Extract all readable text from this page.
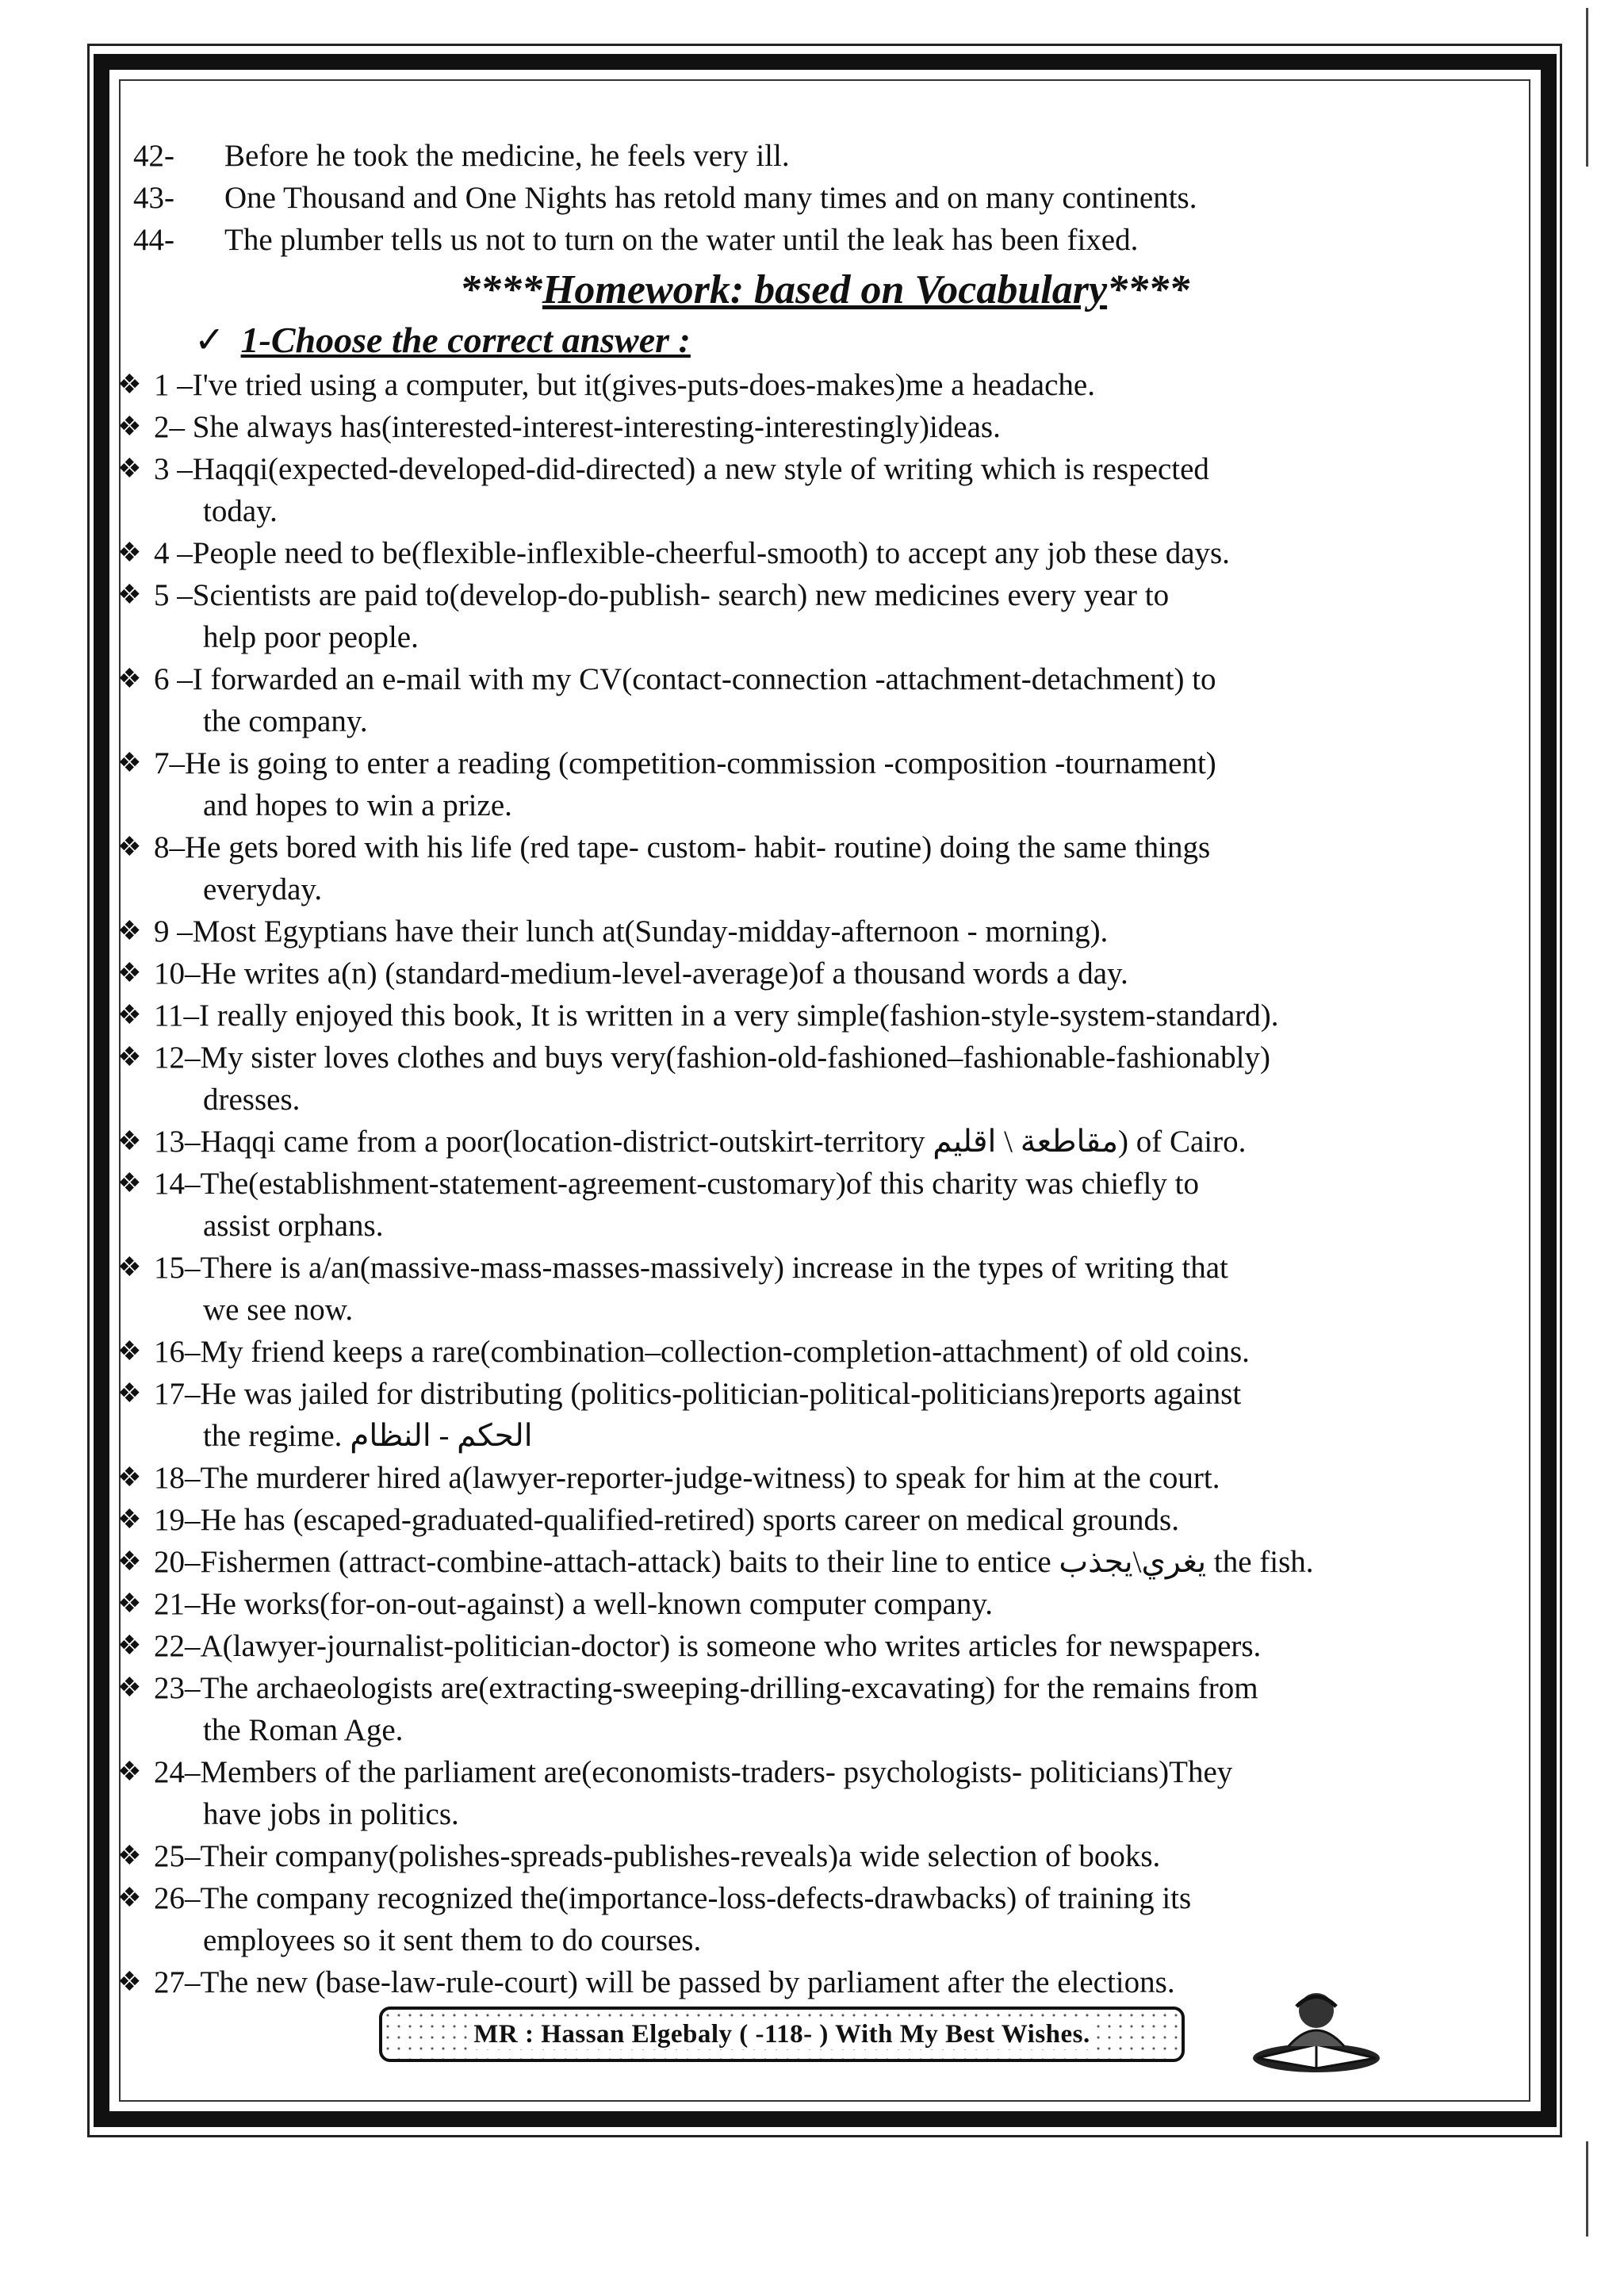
42-	Before he took the medicine, he feels very ill.
43-	One Thousand and One Nights has retold many times and on many continents.
44-	The plumber tells us not to turn on the water until the leak has been fixed.
****Homework: based on Vocabulary****
✓ 1-Choose the correct answer :
❖ 1 –I've tried using a computer, but it(gives-puts-does-makes)me a headache.
❖ 2– She always has(interested-interest-interesting-interestingly)ideas.
❖ 3 –Haqqi(expected-developed-did-directed) a new style of writing which is respected
today.
❖ 4 –People need to be(flexible-inflexible-cheerful-smooth) to accept any job these days.
❖ 5 –Scientists are paid to(develop-do-publish- search) new medicines every year to
help poor people.
❖ 6 –I forwarded an e-mail with my CV(contact-connection -attachment-detachment) to
the company.
❖ 7–He is going to enter a reading (competition-commission -composition -tournament)
and hopes to win a prize.
❖ 8–He gets bored with his life (red tape- custom- habit- routine) doing the same things
everyday.
❖ 9 –Most Egyptians have their lunch at(Sunday-midday-afternoon - morning).
❖ 10–He writes a(n) (standard-medium-level-average)of a thousand words a day.
❖ 11–I really enjoyed this book, It is written in a very simple(fashion-style-system-standard).
❖ 12–My sister loves clothes and buys very(fashion-old-fashioned–fashionable-fashionably)
dresses.
❖ 13–Haqqi came from a poor(location-district-outskirt-territory مقاطعة \ اقليم) of Cairo.
❖ 14–The(establishment-statement-agreement-customary)of this charity was chiefly to
assist orphans.
❖ 15–There is a/an(massive-mass-masses-massively) increase in the types of writing that
we see now.
❖ 16–My friend keeps a rare(combination–collection-completion-attachment) of old coins.
❖ 17–He was jailed for distributing (politics-politician-political-politicians)reports against
the regime. الحكم - النظام
❖ 18–The murderer hired a(lawyer-reporter-judge-witness) to speak for him at the court.
❖ 19–He has (escaped-graduated-qualified-retired) sports career on medical grounds.
❖ 20–Fishermen (attract-combine-attach-attack) baits to their line to entice يغري\يجذب the fish.
❖ 21–He works(for-on-out-against) a well-known computer company.
❖ 22–A(lawyer-journalist-politician-doctor) is someone who writes articles for newspapers.
❖ 23–The archaeologists are(extracting-sweeping-drilling-excavating) for the remains from
the Roman Age.
❖ 24–Members of the parliament are(economists-traders- psychologists- politicians)They
have jobs in politics.
❖ 25–Their company(polishes-spreads-publishes-reveals)a wide selection of books.
❖ 26–The company recognized the(importance-loss-defects-drawbacks) of training its
employees so it sent them to do courses.
❖ 27–The new (base-law-rule-court) will be passed by parliament after the elections.
MR : Hassan Elgebaly ( -118- ) With My Best Wishes.
